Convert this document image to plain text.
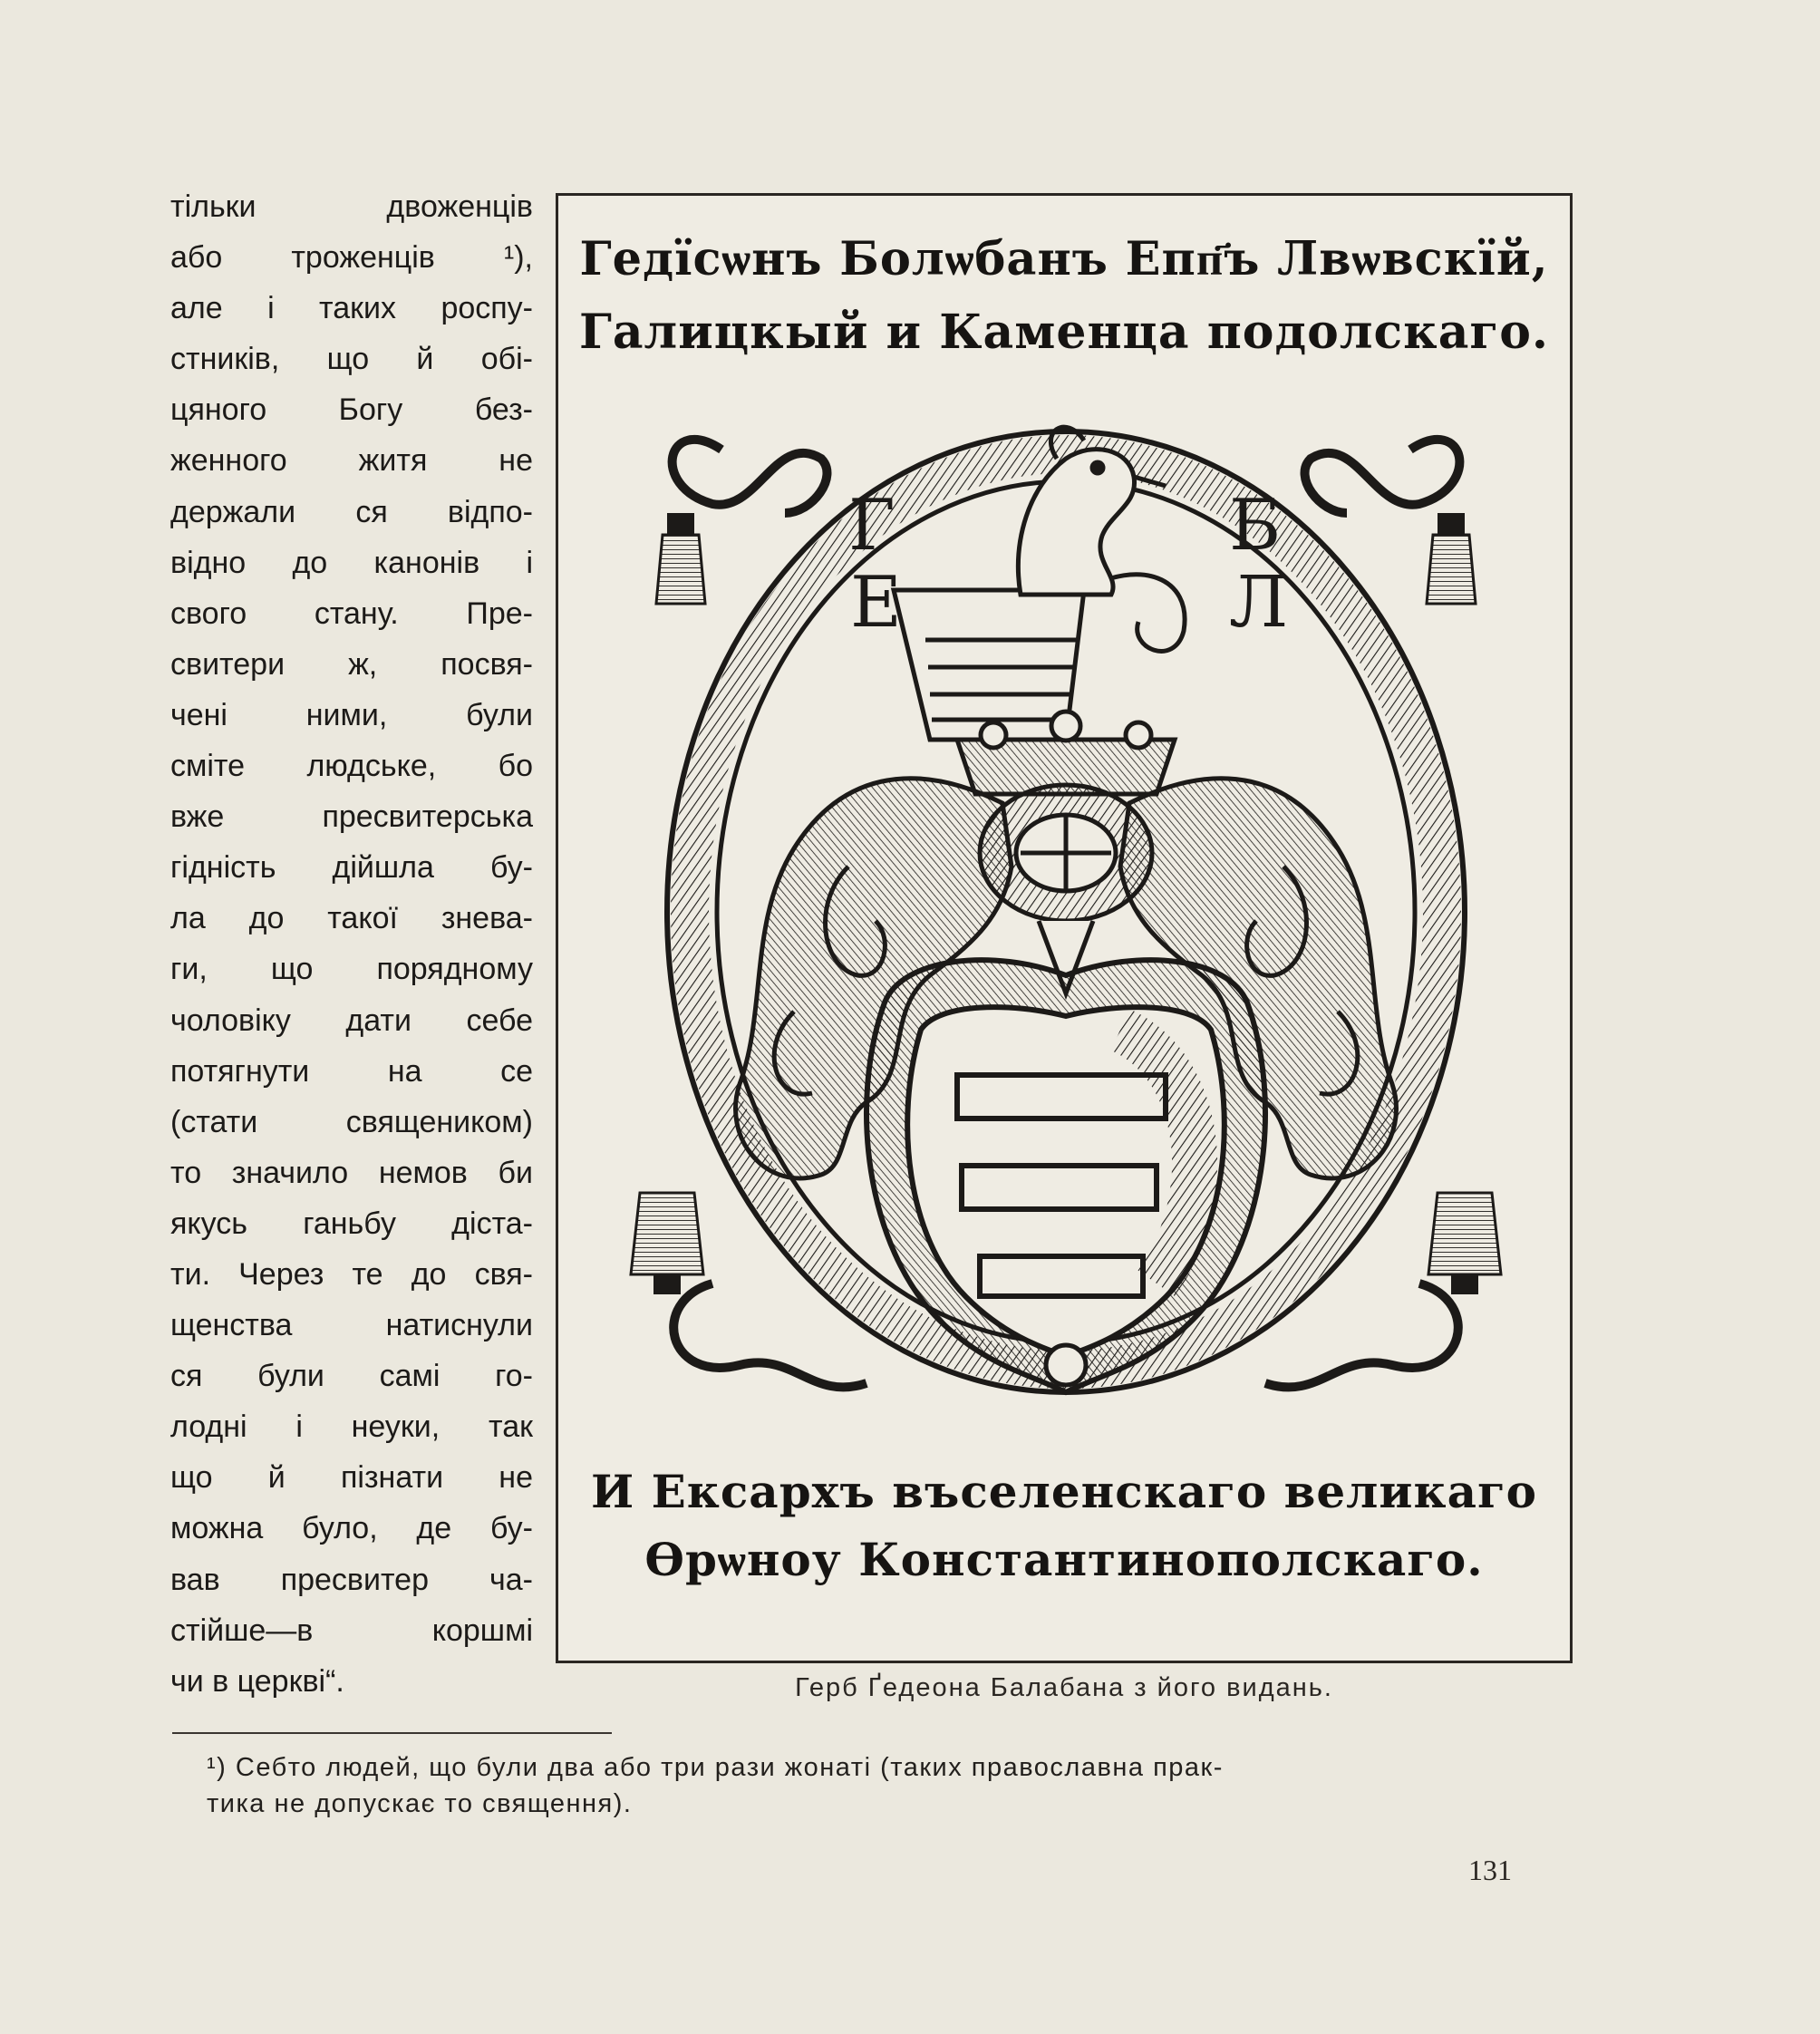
тільки двоженців
або троженців ¹),
але і таких роспу-
стників, що й обі-
цяного Богу без-
женного житя не
держали ся відпо-
відно до канонів і
свого стану. Пре-
свитери ж, посвя-
чені ними, були
сміте людське, бо
вже пресвитерська
гідність дійшла бу-
ла до такої знева-
ги, що порядному
чоловіку дати себе
потягнути на се
(стати священиком)
то значило немов би
якусь ганьбу діста-
ти. Через те до свя-
щенства натиснули
ся були самі го-
лодні і неуки, так
що й пізнати не
можна було, де бу-
вав пресвитер ча-
стійше—в коршмі
чи в церкві“.
Гедїсѡнъ Болѡбанъ Епп҃ъ Лвѡвскїй,
Галицкый и Каменца подолскаго.
Г
Е
Б
Л
И Ексархъ въселенскаго великаго
Ѳрѡноу Константинополскаго.
Герб Ґедеона Балабана з його видань.
¹) Себто людей, що були два або три рази жонаті (таких православна прак-
тика не допускає то священня).
131
